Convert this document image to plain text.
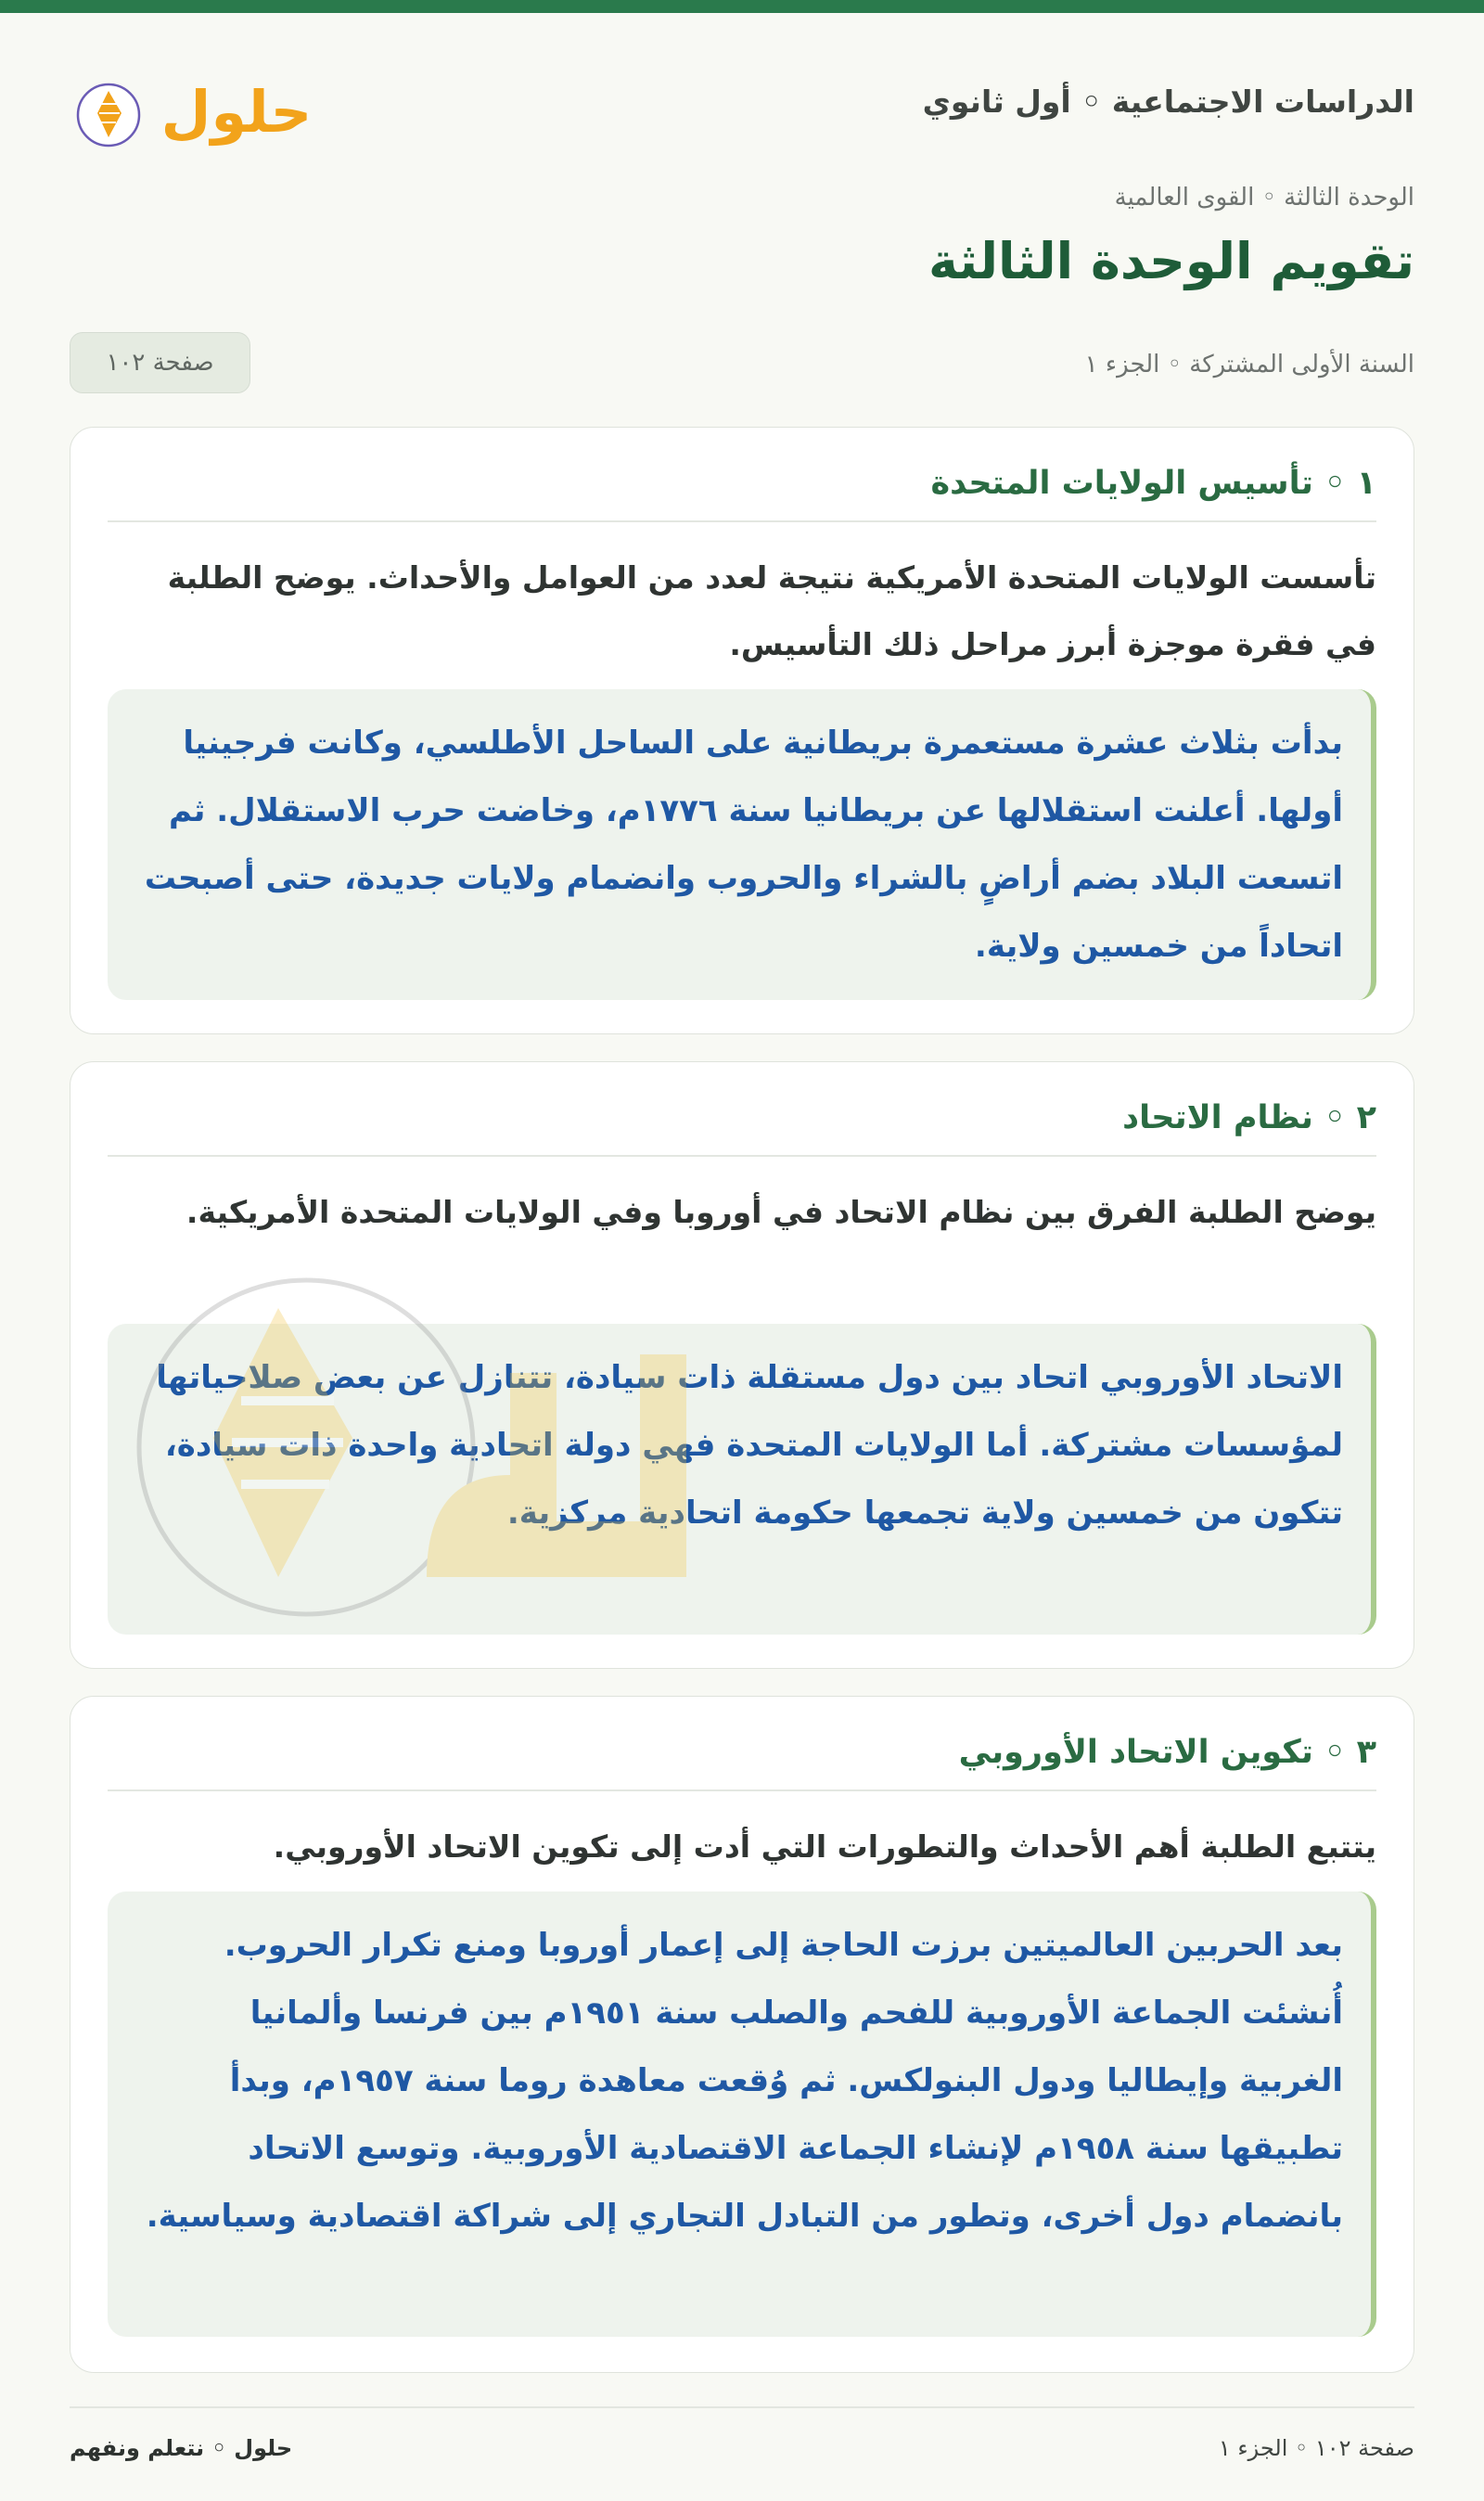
الدراسات الاجتماعية ◦ أول ثانوي
حلول
الوحدة الثالثة ◦ القوى العالمية
تقويم الوحدة الثالثة
السنة الأولى المشتركة ◦ الجزء ١
صفحة ١٠٢
١ ◦ تأسيس الولايات المتحدة
تأسست الولايات المتحدة الأمريكية نتيجة لعدد من العوامل والأحداث. يوضح الطلبة في فقرة موجزة أبرز مراحل ذلك التأسيس.
بدأت بثلاث عشرة مستعمرة بريطانية على الساحل الأطلسي، وكانت فرجينيا أولها. أعلنت استقلالها عن بريطانيا سنة ١٧٧٦م، وخاضت حرب الاستقلال. ثم اتسعت البلاد بضم أراضٍ بالشراء والحروب وانضمام ولايات جديدة، حتى أصبحت اتحاداً من خمسين ولاية.
٢ ◦ نظام الاتحاد
يوضح الطلبة الفرق بين نظام الاتحاد في أوروبا وفي الولايات المتحدة الأمريكية.
الاتحاد الأوروبي اتحاد بين دول مستقلة ذات سيادة، تتنازل عن بعض صلاحياتها لمؤسسات مشتركة. أما الولايات المتحدة فهي دولة اتحادية واحدة ذات سيادة، تتكون من خمسين ولاية تجمعها حكومة اتحادية مركزية.
٣ ◦ تكوين الاتحاد الأوروبي
يتتبع الطلبة أهم الأحداث والتطورات التي أدت إلى تكوين الاتحاد الأوروبي.
بعد الحربين العالميتين برزت الحاجة إلى إعمار أوروبا ومنع تكرار الحروب. أُنشئت الجماعة الأوروبية للفحم والصلب سنة ١٩٥١م بين فرنسا وألمانيا الغربية وإيطاليا ودول البنولكس. ثم وُقعت معاهدة روما سنة ١٩٥٧م، وبدأ تطبيقها سنة ١٩٥٨م لإنشاء الجماعة الاقتصادية الأوروبية. وتوسع الاتحاد بانضمام دول أخرى، وتطور من التبادل التجاري إلى شراكة اقتصادية وسياسية.
صفحة ١٠٢ ◦ الجزء ١
حلول ◦ نتعلم ونفهم
